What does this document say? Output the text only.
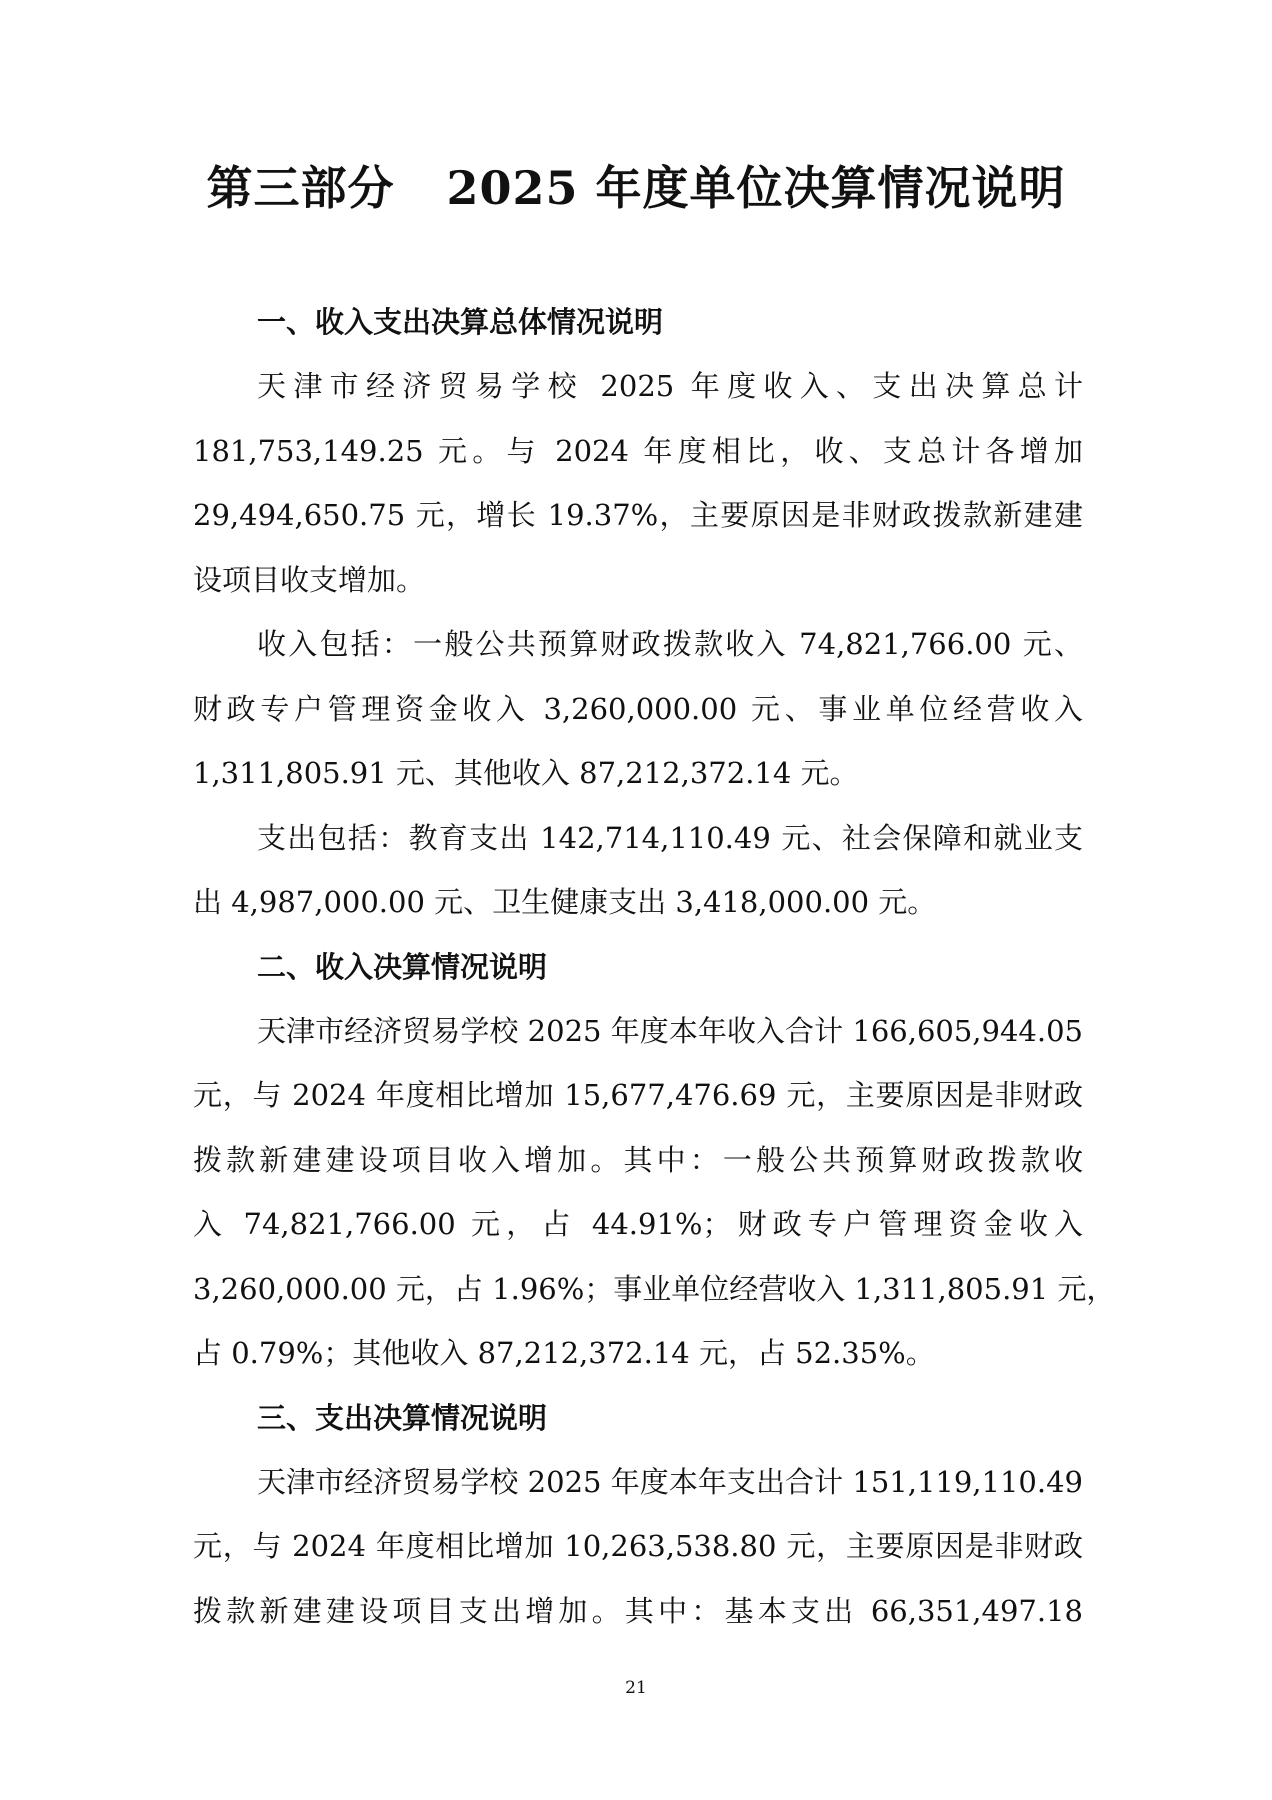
第三部分 2025 年度单位决算情况说明
一、收入支出决算总体情况说明
天津市经济贸易学校 2025 年度收入、支出决算总计
181,753,149.25 元。与 2024 年度相比，收、支总计各增加
29,494,650.75 元，增长 19.37%，主要原因是非财政拨款新建建
设项目收支增加。
收入包括：一般公共预算财政拨款收入 74,821,766.00 元、
财政专户管理资金收入 3,260,000.00 元、事业单位经营收入
1,311,805.91 元、其他收入 87,212,372.14 元。
支出包括：教育支出 142,714,110.49 元、社会保障和就业支
出 4,987,000.00 元、卫生健康支出 3,418,000.00 元。
二、收入决算情况说明
天津市经济贸易学校 2025 年度本年收入合计 166,605,944.05
元，与 2024 年度相比增加 15,677,476.69 元，主要原因是非财政
拨款新建建设项目收入增加。其中：一般公共预算财政拨款收
入 74,821,766.00 元，占 44.91%；财政专户管理资金收入
3,260,000.00 元，占 1.96%；事业单位经营收入 1,311,805.91 元，
占 0.79%；其他收入 87,212,372.14 元，占 52.35%。
三、支出决算情况说明
天津市经济贸易学校 2025 年度本年支出合计 151,119,110.49
元，与 2024 年度相比增加 10,263,538.80 元，主要原因是非财政
拨款新建建设项目支出增加。其中：基本支出 66,351,497.18
21
